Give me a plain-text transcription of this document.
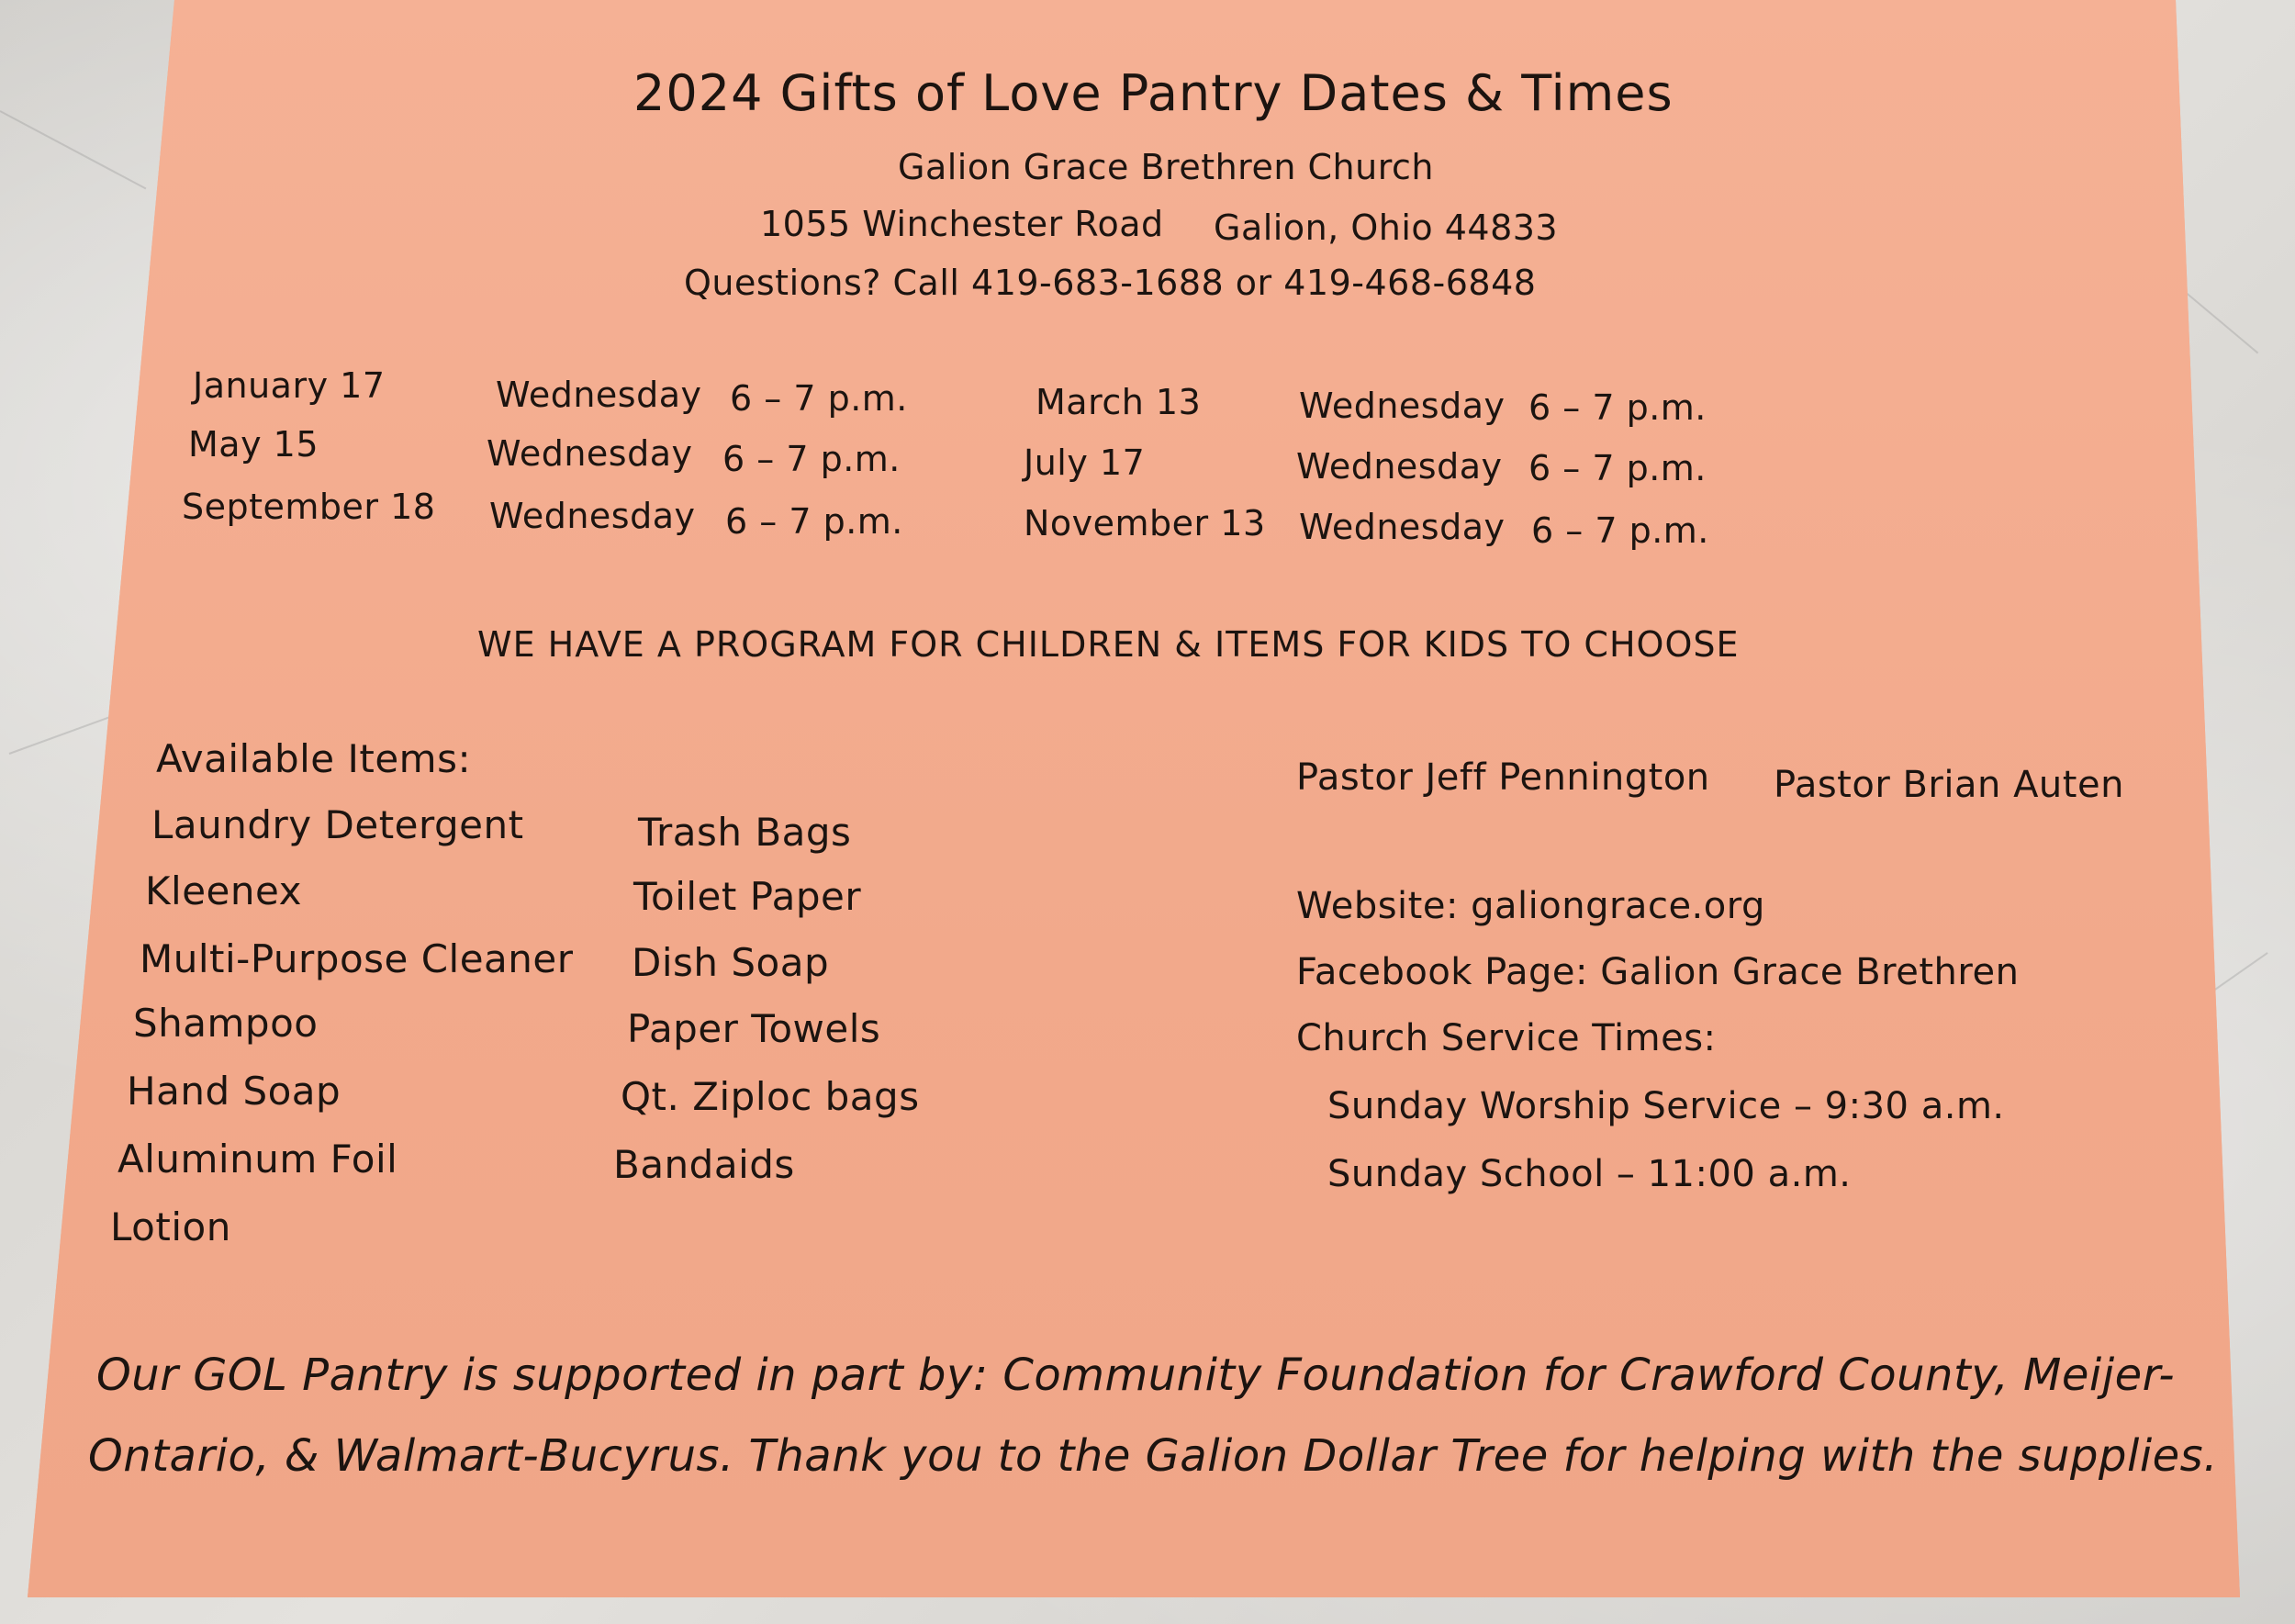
2024 Gifts of Love Pantry Dates & Times
Galion Grace Brethren Church
1055 Winchester Road Galion, Ohio 44833
Questions? Call 419-683-1688 or 419-468-6848
January 17	Wednesday 6 – 7 p.m.	March 13	Wednesday 6 – 7 p.m.
May 15	Wednesday 6 – 7 p.m.	July 17	Wednesday 6 – 7 p.m.
September 18 Wednesday 6 – 7 p.m.	November 13 Wednesday 6 – 7 p.m.
WE HAVE A PROGRAM FOR CHILDREN & ITEMS FOR KIDS TO CHOOSE
Available Items:
Laundry Detergent
Kleenex
Multi-Purpose Cleaner
Shampoo
Hand Soap
Aluminum Foil
Lotion
Trash Bags
Toilet Paper
Dish Soap
Paper Towels
Qt. Ziploc bags
Bandaids
Pastor Jeff Pennington Pastor Brian Auten
Website: galiongrace.org
Facebook Page: Galion Grace Brethren
Church Service Times:
Sunday Worship Service – 9:30 a.m.
Sunday School – 11:00 a.m.
Our GOL Pantry is supported in part by: Community Foundation for Crawford County, Meijer-
Ontario, & Walmart-Bucyrus. Thank you to the Galion Dollar Tree for helping with the supplies.
